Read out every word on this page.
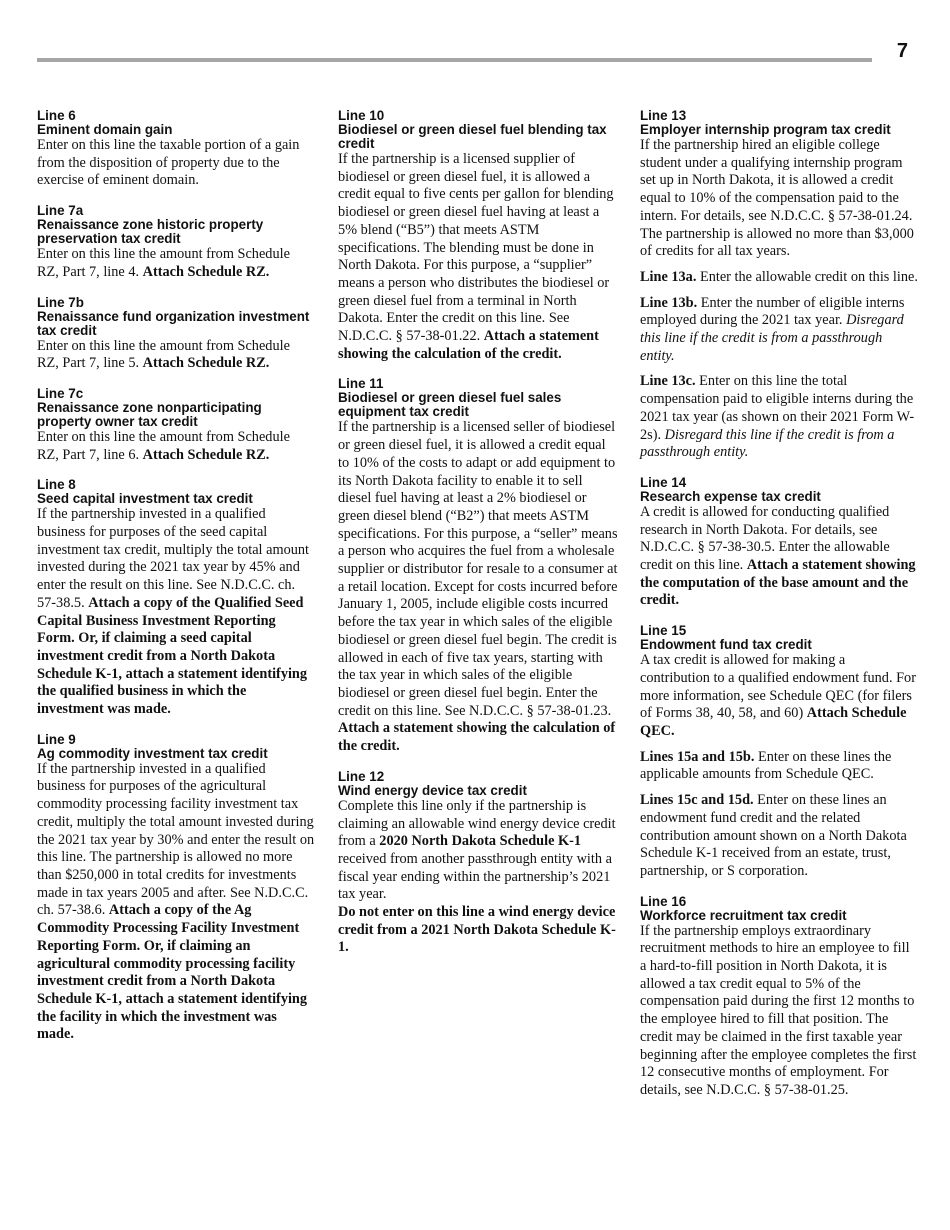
7
Line 6
Eminent domain gain

Enter on this line the taxable portion of a gain from the disposition of property due to the exercise of eminent domain.

Line 7a
Renaissance zone historic property preservation tax credit

Enter on this line the amount from Schedule RZ, Part 7, line 4. Attach Schedule RZ.

Line 7b
Renaissance fund organization investment tax credit

Enter on this line the amount from Schedule RZ, Part 7, line 5. Attach Schedule RZ.

Line 7c
Renaissance zone nonparticipating property owner tax credit

Enter on this line the amount from Schedule RZ, Part 7, line 6. Attach Schedule RZ.

Line 8
Seed capital investment tax credit

If the partnership invested in a qualified business for purposes of the seed capital investment tax credit, multiply the total amount invested during the 2021 tax year by 45% and enter the result on this line. See N.D.C.C. ch. 57-38.5. Attach a copy of the Qualified Seed Capital Business Investment Reporting Form. Or, if claiming a seed capital investment credit from a North Dakota Schedule K-1, attach a statement identifying the qualified business in which the investment was made.

Line 9
Ag commodity investment tax credit

If the partnership invested in a qualified business for purposes of the agricultural commodity processing facility investment tax credit, multiply the total amount invested during the 2021 tax year by 30% and enter the result on this line. The partnership is allowed no more than $250,000 in total credits for investments made in tax years 2005 and after. See N.D.C.C. ch. 57-38.6. Attach a copy of the Ag Commodity Processing Facility Investment Reporting Form. Or, if claiming an agricultural commodity processing facility investment credit from a North Dakota Schedule K-1, attach a statement identifying the facility in which the investment was made.

Line 10
Biodiesel or green diesel fuel blending tax credit

If the partnership is a licensed supplier of biodiesel or green diesel fuel, it is allowed a credit equal to five cents per gallon for blending biodiesel or green diesel fuel having at least a 5% blend (“B5”) that meets ASTM specifications. The blending must be done in North Dakota. For this purpose, a “supplier” means a person who distributes the biodiesel or green diesel fuel from a terminal in North Dakota. Enter the credit on this line. See N.D.C.C. § 57-38-01.22. Attach a statement showing the calculation of the credit.

Line 11
Biodiesel or green diesel fuel sales equipment tax credit

If the partnership is a licensed seller of biodiesel or green diesel fuel, it is allowed a credit equal to 10% of the costs to adapt or add equipment to its North Dakota facility to enable it to sell diesel fuel having at least a 2% biodiesel or green diesel blend (“B2”) that meets ASTM specifications. For this purpose, a “seller” means a person who acquires the fuel from a wholesale supplier or distributor for resale to a consumer at a retail location. Except for costs incurred before January 1, 2005, include eligible costs incurred before the tax year in which sales of the eligible biodiesel or green diesel fuel begin. The credit is allowed in each of five tax years, starting with the tax year in which sales of the eligible biodiesel or green diesel fuel begin. Enter the credit on this line. See N.D.C.C. § 57-38-01.23. Attach a statement showing the calculation of the credit.

Line 12
Wind energy device tax credit

Complete this line only if the partnership is claiming an allowable wind energy device credit from a 2020 North Dakota Schedule K-1 received from another passthrough entity with a fiscal year ending within the partnership’s 2021 tax year.
Do not enter on this line a wind energy device credit from a 2021 North Dakota Schedule K-1.

Line 13
Employer internship program tax credit

If the partnership hired an eligible college student under a qualifying internship program set up in North Dakota, it is allowed a credit equal to 10% of the compensation paid to the intern. For details, see N.D.C.C. § 57-38-01.24. The partnership is allowed no more than $3,000 of credits for all tax years.

Line 13a. Enter the allowable credit on this line.

Line 13b. Enter the number of eligible interns employed during the 2021 tax year. Disregard this line if the credit is from a passthrough entity.

Line 13c. Enter on this line the total compensation paid to eligible interns during the 2021 tax year (as shown on their 2021 Form W-2s). Disregard this line if the credit is from a passthrough entity.

Line 14
Research expense tax credit

A credit is allowed for conducting qualified research in North Dakota. For details, see N.D.C.C. § 57-38-30.5. Enter the allowable credit on this line. Attach a statement showing the computation of the base amount and the credit.

Line 15
Endowment fund tax credit

A tax credit is allowed for making a contribution to a qualified endowment fund. For more information, see Schedule QEC (for filers of Forms 38, 40, 58, and 60) Attach Schedule QEC.

Lines 15a and 15b. Enter on these lines the applicable amounts from Schedule QEC.

Lines 15c and 15d. Enter on these lines an endowment fund credit and the related contribution amount shown on a North Dakota Schedule K-1 received from an estate, trust, partnership, or S corporation.

Line 16
Workforce recruitment tax credit

If the partnership employs extraordinary recruitment methods to hire an employee to fill a hard-to-fill position in North Dakota, it is allowed a tax credit equal to 5% of the compensation paid during the first 12 months to the employee hired to fill that position. The credit may be claimed in the first taxable year beginning after the employee completes the first 12 consecutive months of employment. For details, see N.D.C.C. § 57-38-01.25.
